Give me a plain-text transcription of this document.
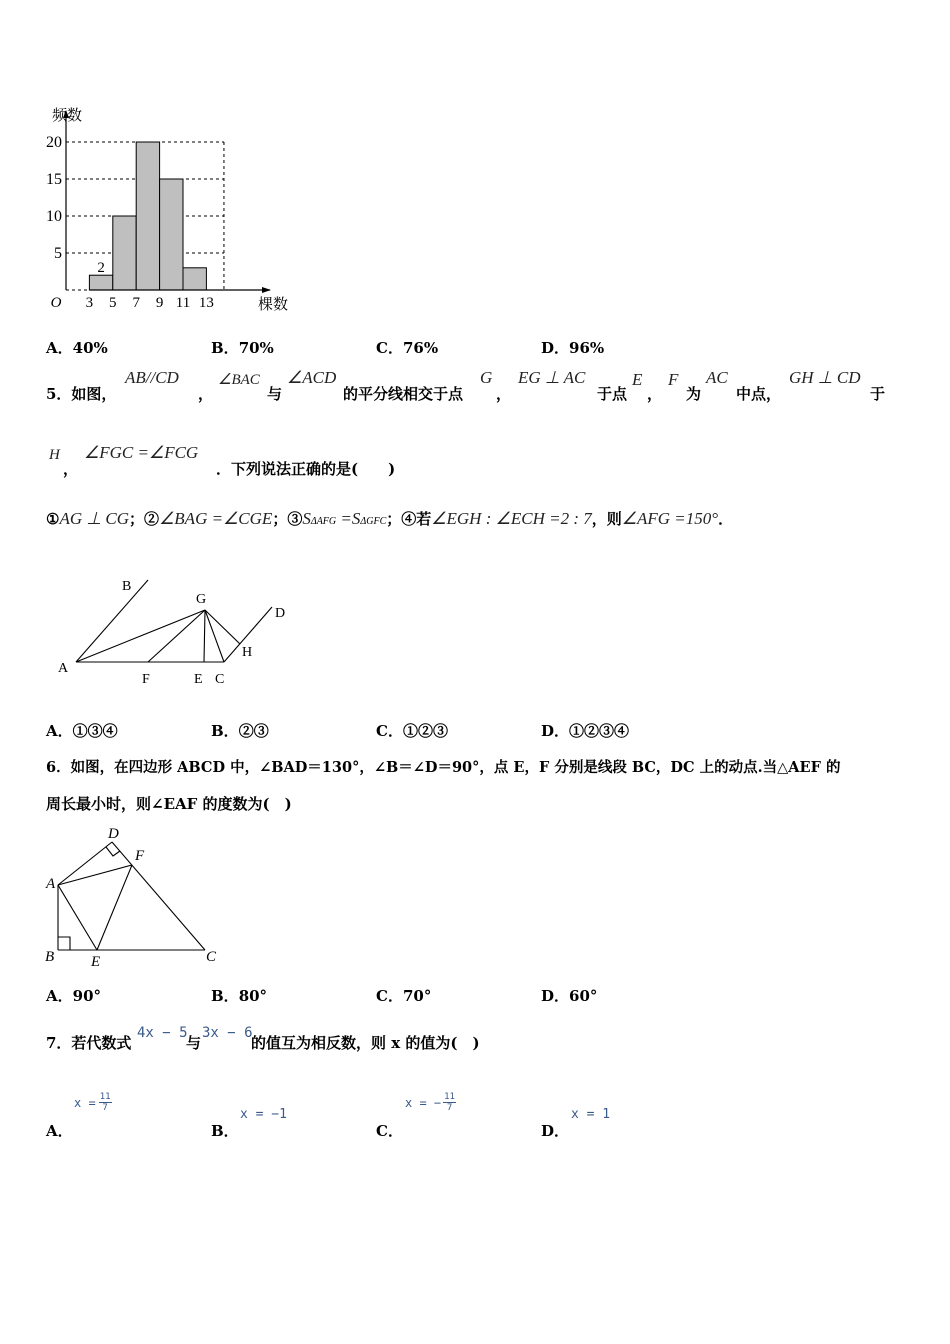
5
10
15
20
3 5 7 9 11 13
O
频数
棵数
2
A．40%	B．70%	C．76%	D．96%
5．如图，
AB//CD
，
∠BAC
与
∠ACD
的平分线相交于点
G
，
EG ⊥ AC
于点
E
，
F
为
AC
中点，
GH ⊥ CD
于
H
，
∠FGC =∠FCG
．下列说法正确的是(　　)
①AG ⊥ CG；②∠BAG =∠CGE；③SΔAFG =SΔGFC；④若∠EGH : ∠ECH =2 : 7，则∠AFG =150°．
A
B
G
D
H
F	E C
A．①③④	B．②③	C．①②③	D．①②③④
6．如图，在四边形 ABCD 中，∠BAD＝130°，∠B＝∠D＝90°，点 E，F 分别是线段 BC，DC 上的动点.当△AEF 的
周长最小时，则∠EAF 的度数为(　)
A
B	C
D
E
F
A．90°	B．80°	C．70°	D．60°
7．若代数式
4x − 5
与
3x − 6
的值互为相反数，则 x 的值为(　)
A．
$x = \frac{11}{7}$
B．
x = −1
C．
x = − $\frac{11}{7}$
D．
x = 1
